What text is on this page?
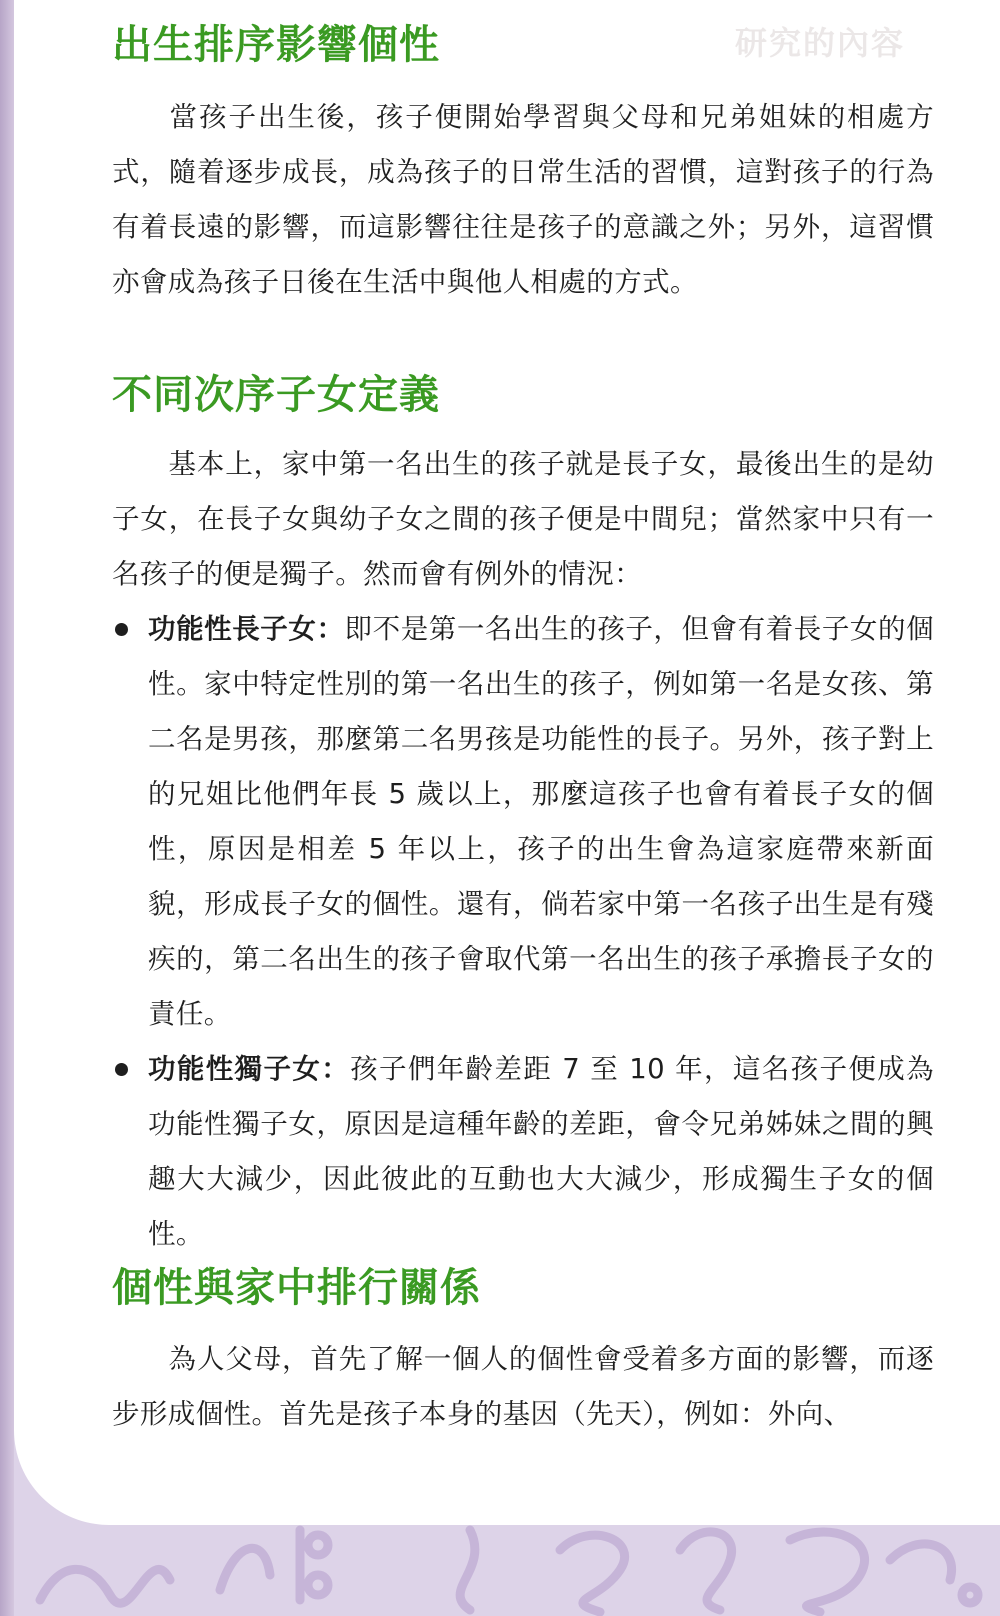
研究的內容
出生排序影響個性

當孩子出生後，孩子便開始學習與父母和兄弟姐妹的相處方式，隨着逐步成長，成為孩子的日常生活的習慣，這對孩子的行為有着長遠的影響，而這影響往往是孩子的意識之外；另外，這習慣亦會成為孩子日後在生活中與他人相處的方式。

不同次序子女定義

基本上，家中第一名出生的孩子就是長子女，最後出生的是幼子女，在長子女與幼子女之間的孩子便是中間兒；當然家中只有一名孩子的便是獨子。然而會有例外的情況：

功能性長子女：即不是第一名出生的孩子，但會有着長子女的個性。家中特定性別的第一名出生的孩子，例如第一名是女孩、第二名是男孩，那麼第二名男孩是功能性的長子。另外，孩子對上的兄姐比他們年長 5 歲以上，那麼這孩子也會有着長子女的個性，原因是相差 5 年以上，孩子的出生會為這家庭帶來新面貌，形成長子女的個性。還有，倘若家中第一名孩子出生是有殘疾的，第二名出生的孩子會取代第一名出生的孩子承擔長子女的責任。

功能性獨子女：孩子們年齡差距 7 至 10 年，這名孩子便成為功能性獨子女，原因是這種年齡的差距，會令兄弟姊妹之間的興趣大大減少，因此彼此的互動也大大減少，形成獨生子女的個性。

個性與家中排行關係

為人父母，首先了解一個人的個性會受着多方面的影響，而逐步形成個性。首先是孩子本身的基因（先天），例如：外向、
